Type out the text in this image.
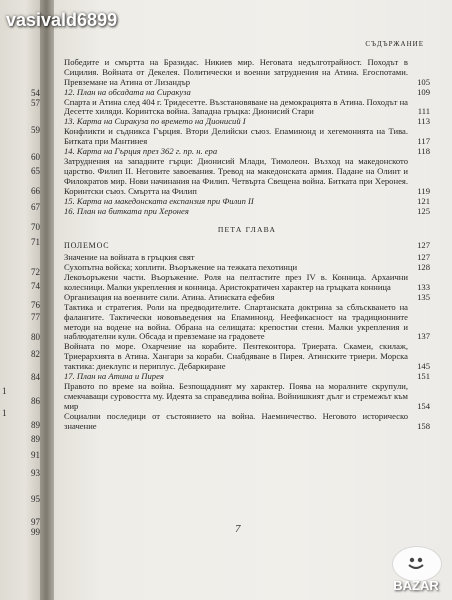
54
57
59
60
65
66
67
70
71
72
74
76
77
80
82
84
86
89
89
91
93
95
97
99
1
1
СЪДЪРЖАНИЕ
Победите и смъртта на Бразидас. Никиев мир. Неговата недълготрайност. Походът в Сицилия. Войната от Декелея. Политически и военни затруднения на Атина. Егоспотами. Превземане на Атина от Лизандър	105
12. План на обсадата на Сиракуза	109
Спарта и Атина след 404 г. Тридесетте. Възстановяване на демокрацията в Атина. Походът на Десетте хиляди. Коринтска война. Западна гръцка: Дионисий Стари	111
13. Карта на Сиракуза по времето на Дионисий I	113
Конфликти и съдникса Гърция. Втори Делийски съюз. Епаминонд и хегемонията на Тива. Битката при Мантинея	117
14. Карта на Гърция през 362 г. пр. н. ера	118
Затруднения на западните гърци: Дионисий Млади, Тимолеон. Възход на македонското царство. Филип II. Неговите завоевания. Тревод на македонската армия. Падане на Олинт и Филократов мир. Нови начинания на Филип. Четвърта Свещена война. Битката при Херонея. Коринтски съюз. Смъртта на Филип	119
15. Карта на македонската експанзия при Филип II	121
16. План на битката при Херонея	125
ПЕТА ГЛАВА
ПОЛЕМОС	127
Значение на войната в гръцкия свят	127
Сухопътна войска; хоплити. Въоръжение на тежката пехотинци	128
Лекоъоръжени части. Въоръжение. Роля на пелтастите през IV в. Конница. Архаични колесници. Малки укрепления и конница. Аристократичен характер на гръцката конница	133
Организация на военните сили. Атина. Атинската ефебия	135
Тактика и стратегия. Роли на предводителите. Спартанската доктрина за сблъскването на фалангите. Тактически нововъведения на Епаминонд. Неефикасност на традиционните методи на водене на война. Обрана на селищата: крепостни стени. Малки укрепления и наблюдателни кули. Обсада и превземане на градовете	137
Войната по море. Охарчение на корабите. Пентеконтора. Триерата. Скамеи, скилаж, Триерархията в Атина. Хангари за кораби. Снабдяване в Пирея. Атинските триери. Морска тактика: диеклупс и периплус. Дебаркиране	145
17. План на Атина и Пирея	151
Правото по време на война. Безпощадният му характер. Поява на моралните скрупули, смекчаващи суровостта му. Идеята за справедлива война. Войнишкият дълг и стремежът към мир	154
Социални последици от състоянието на война. Наемничество. Неговото историческо значение	158
7
vasivald6899
BAZAR
